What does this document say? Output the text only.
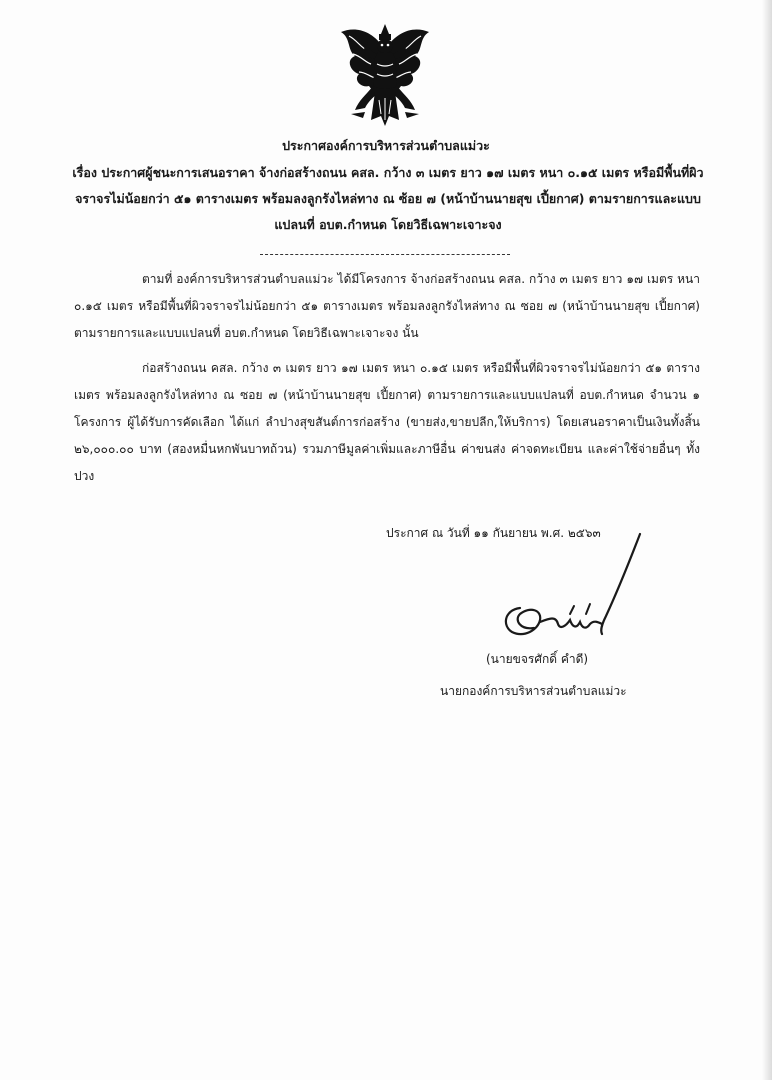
ประกาศองค์การบริหารส่วนตำบลแม่วะ
เรื่อง ประกาศผู้ชนะการเสนอราคา จ้างก่อสร้างถนน คสล. กว้าง ๓ เมตร ยาว ๑๗ เมตร หนา ๐.๑๕ เมตร หรือมีพื้นที่ผิวจราจรไม่น้อยกว่า ๕๑ ตารางเมตร พร้อมลงลูกรังไหล่ทาง ณ ซ้อย ๗ (หน้าบ้านนายสุข เปี้ยกาศ) ตามรายการและแบบแปลนที่ อบต.กำหนด โดยวิธีเฉพาะเจาะจง
ตามที่ องค์การบริหารส่วนตำบลแม่วะ ได้มีโครงการ จ้างก่อสร้างถนน คสล. กว้าง ๓ เมตร ยาว ๑๗ เมตร หนา ๐.๑๕ เมตร หรือมีพื้นที่ผิวจราจรไม่น้อยกว่า ๕๑ ตารางเมตร พร้อมลงลูกรังไหล่ทาง ณ ซอย ๗ (หน้าบ้านนายสุข เปี้ยกาศ) ตามรายการและแบบแปลนที่ อบต.กำหนด โดยวิธีเฉพาะเจาะจง นั้น
ก่อสร้างถนน คสล. กว้าง ๓ เมตร ยาว ๑๗ เมตร หนา ๐.๑๕ เมตร หรือมีพื้นที่ผิวจราจรไม่น้อยกว่า ๕๑ ตารางเมตร พร้อมลงลูกรังไหล่ทาง ณ ซอย ๗ (หน้าบ้านนายสุข เปี้ยกาศ) ตามรายการและแบบแปลนที่ อบต.กำหนด จำนวน ๑ โครงการ ผู้ได้รับการคัดเลือก ได้แก่ ลำปางสุขสันต์การก่อสร้าง (ขายส่ง,ขายปลีก,ให้บริการ) โดยเสนอราคาเป็นเงินทั้งสิ้น ๒๖,๐๐๐.๐๐ บาท (สองหมื่นหกพันบาทถ้วน) รวมภาษีมูลค่าเพิ่มและภาษีอื่น ค่าขนส่ง ค่าจดทะเบียน และค่าใช้จ่ายอื่นๆ ทั้งปวง
ประกาศ ณ วันที่ ๑๑ กันยายน พ.ศ. ๒๕๖๓
(นายขจรศักดิ์ คำดี)
นายกองค์การบริหารส่วนตำบลแม่วะ
